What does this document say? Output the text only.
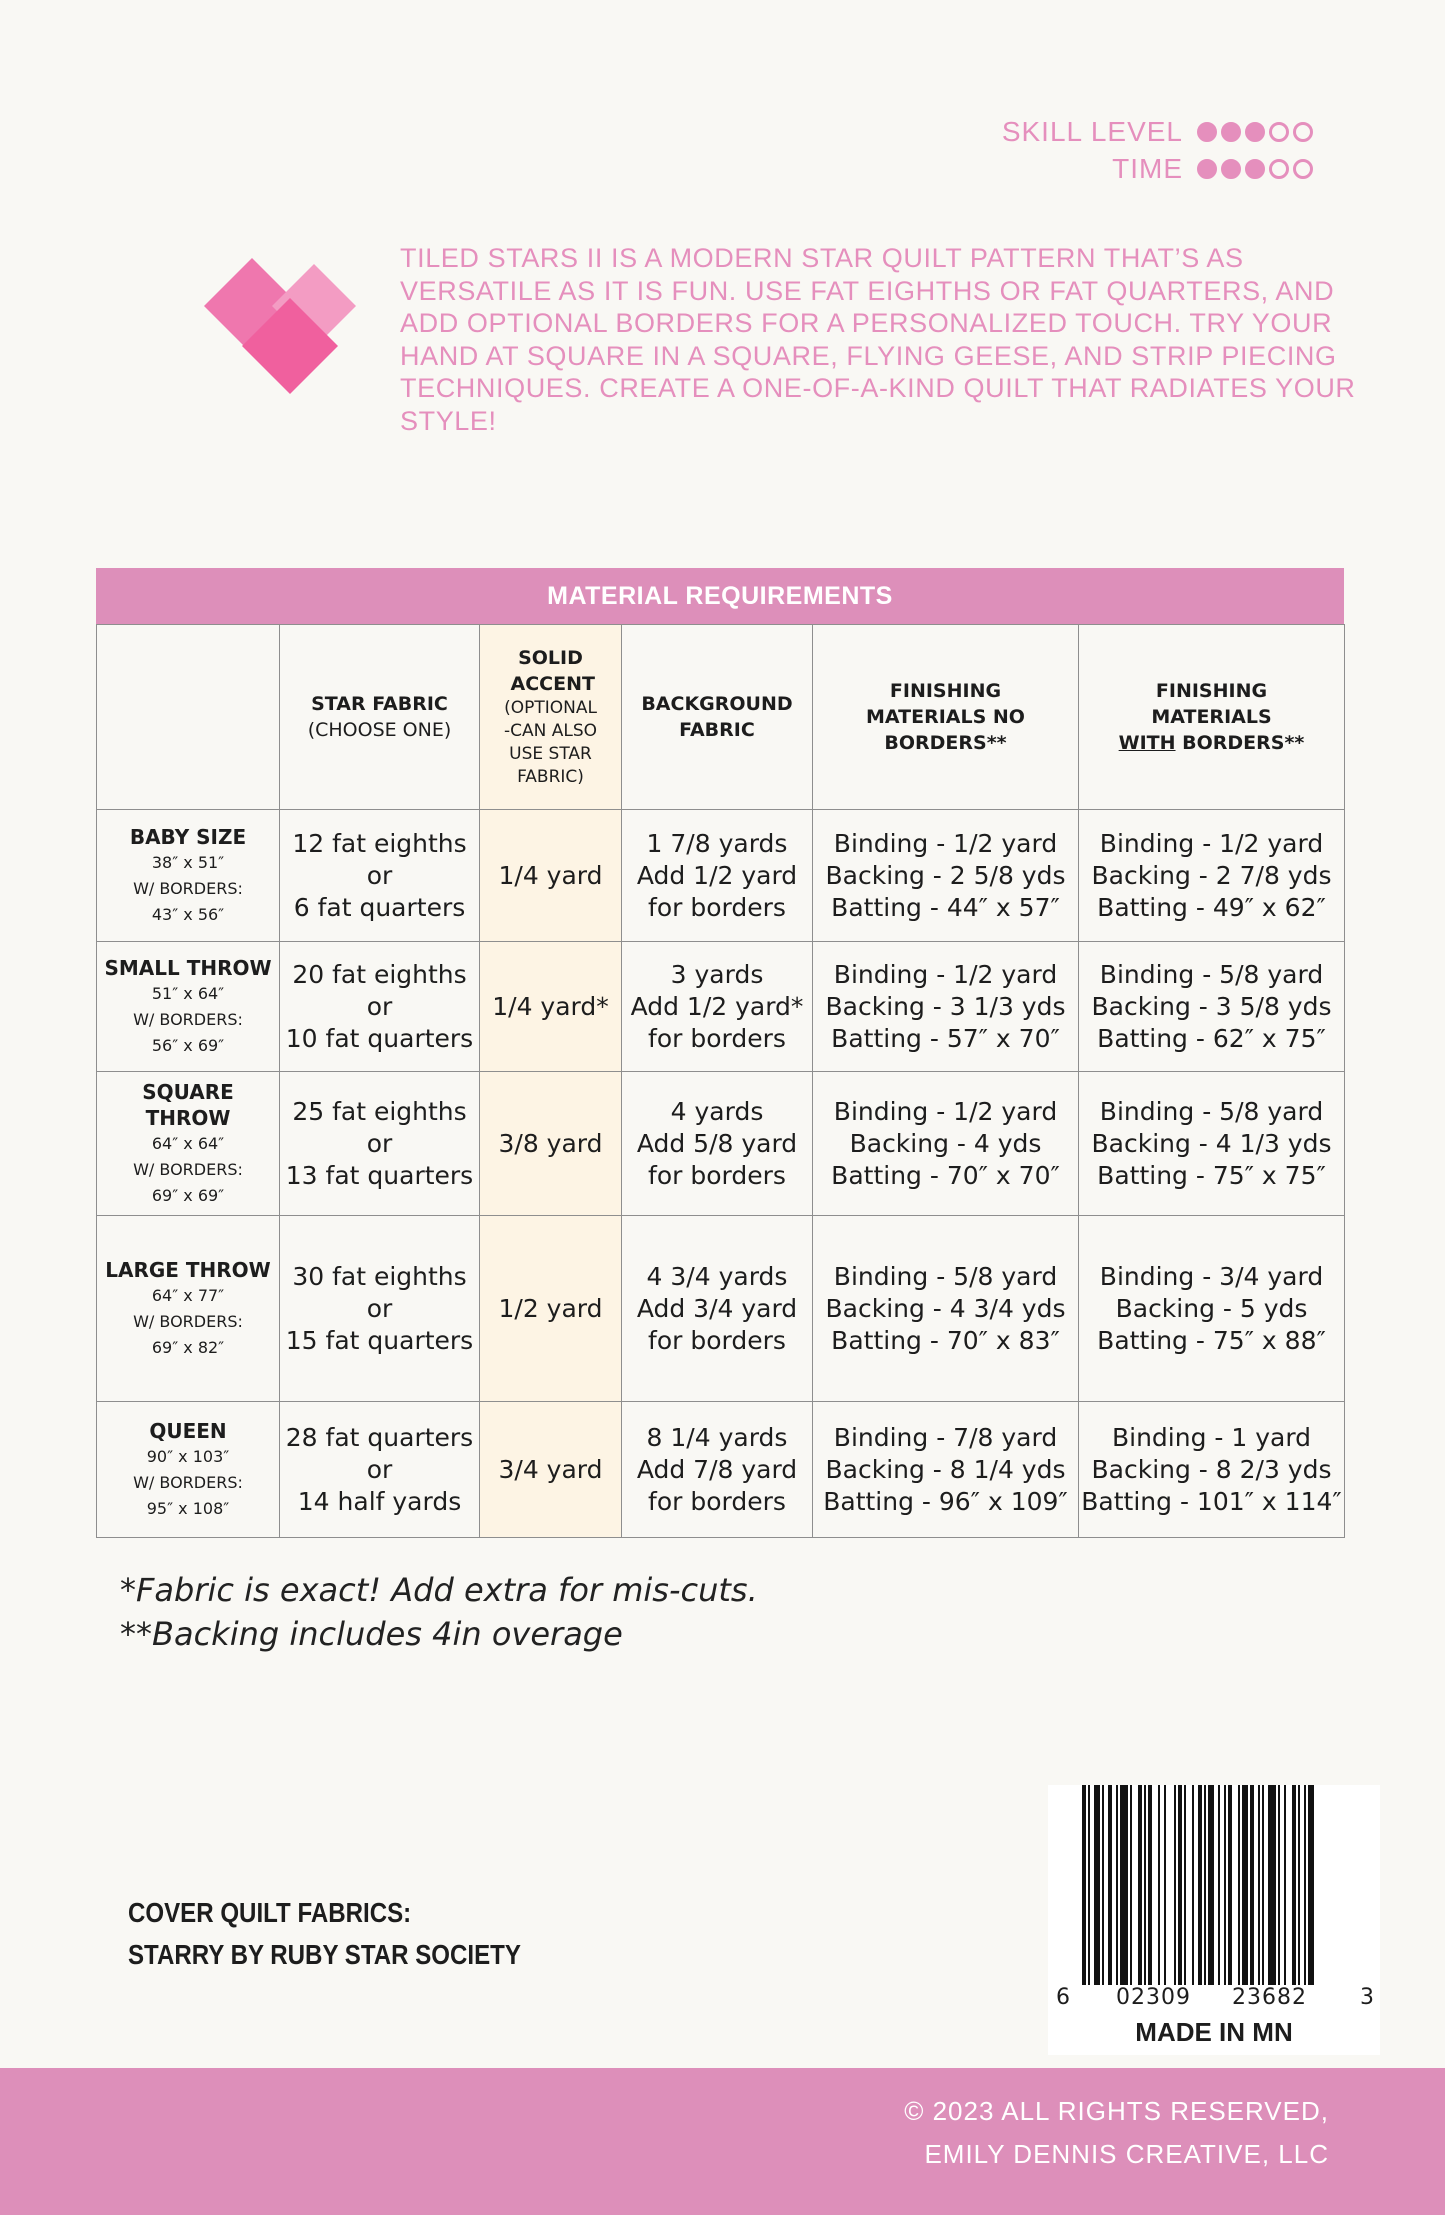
SKILL LEVEL
TIME
TILED STARS II IS A MODERN STAR QUILT PATTERN THAT’S AS VERSATILE AS IT IS FUN. USE FAT EIGHTHS OR FAT QUARTERS, AND ADD OPTIONAL BORDERS FOR A PERSONALIZED TOUCH. TRY YOUR HAND AT SQUARE IN A SQUARE, FLYING GEESE, AND STRIP PIECING TECHNIQUES. CREATE A ONE-OF-A-KIND QUILT THAT RADIATES YOUR STYLE!
MATERIAL REQUIREMENTS
	STAR FABRIC
(CHOOSE ONE)	SOLID ACCENT
(OPTIONAL -CAN ALSO USE STAR FABRIC)	BACKGROUND FABRIC	FINISHING MATERIALS NO BORDERS**	FINISHING MATERIALS
WITH BORDERS**

BABY SIZE
38″ x 51″
W/ BORDERS:
43″ x 56″	12 fat eighths
or
6 fat quarters	1/4 yard	1 7/8 yards
Add 1/2 yard
for borders	Binding - 1/2 yard
Backing - 2 5/8 yds
Batting - 44″ x 57″	Binding - 1/2 yard
Backing - 2 7/8 yds
Batting - 49″ x 62″

SMALL THROW
51″ x 64″
W/ BORDERS:
56″ x 69″	20 fat eighths
or
10 fat quarters	1/4 yard*	3 yards
Add 1/2 yard*
for borders	Binding - 1/2 yard
Backing - 3 1/3 yds
Batting - 57″ x 70″	Binding - 5/8 yard
Backing - 3 5/8 yds
Batting - 62″ x 75″

SQUARE
THROW
64″ x 64″
W/ BORDERS:
69″ x 69″	25 fat eighths
or
13 fat quarters	3/8 yard	4 yards
Add 5/8 yard
for borders	Binding - 1/2 yard
Backing - 4 yds
Batting - 70″ x 70″	Binding - 5/8 yard
Backing - 4 1/3 yds
Batting - 75″ x 75″

LARGE THROW
64″ x 77″
W/ BORDERS:
69″ x 82″	30 fat eighths
or
15 fat quarters	1/2 yard	4 3/4 yards
Add 3/4 yard
for borders	Binding - 5/8 yard
Backing - 4 3/4 yds
Batting - 70″ x 83″	Binding - 3/4 yard
Backing - 5 yds
Batting - 75″ x 88″

QUEEN
90″ x 103″
W/ BORDERS:
95″ x 108″	28 fat quarters
or
14 half yards	3/4 yard	8 1/4 yards
Add 7/8 yard
for borders	Binding - 7/8 yard
Backing - 8 1/4 yds
Batting - 96″ x 109″	Binding - 1 yard
Backing - 8 2/3 yds
Batting - 101″ x 114″
*Fabric is exact! Add extra for mis-cuts.
**Backing includes 4in overage
COVER QUILT FABRICS:
STARRY BY RUBY STAR SOCIETY
6 02309 23682 3
MADE IN MN
© 2023 ALL RIGHTS RESERVED,
EMILY DENNIS CREATIVE, LLC
